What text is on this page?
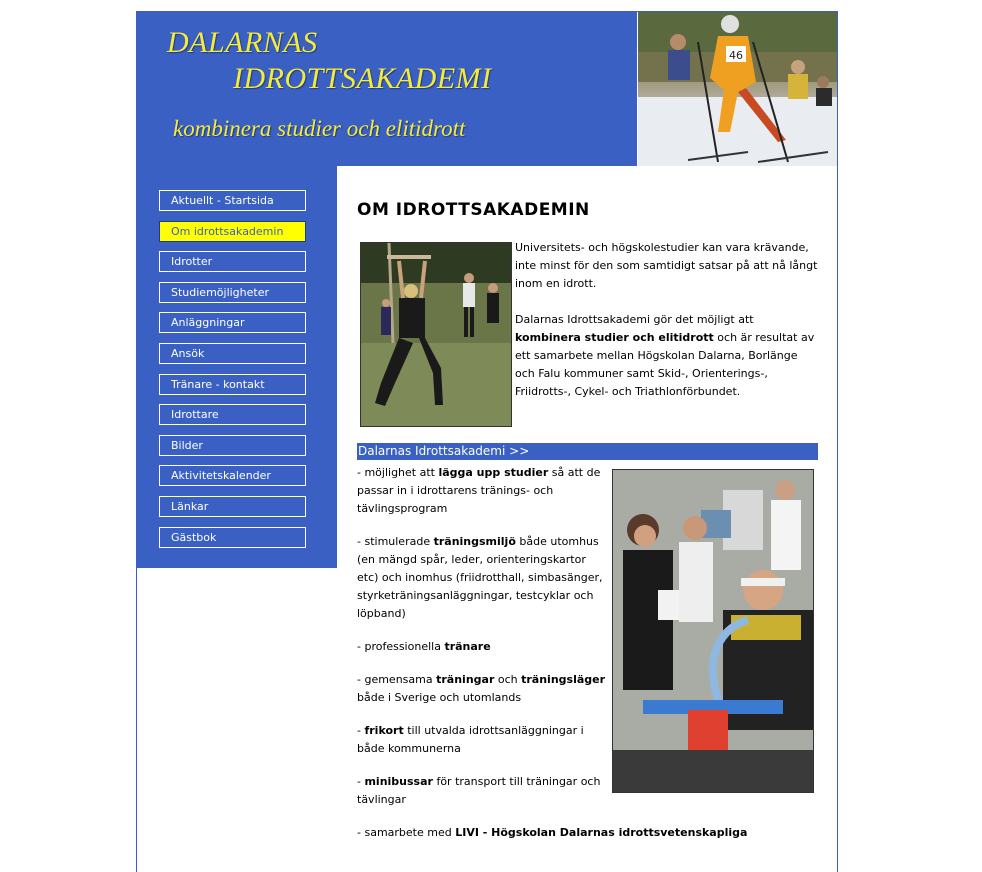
DALARNAS
IDROTTSAKADEMI
kombinera studier och elitidrott
46
Aktuellt - Startsida
Om idrottsakademin
Idrotter
Studiemöjligheter
Anläggningar
Ansök
Tränare - kontakt
Idrottare
Bilder
Aktivitetskalender
Länkar
Gästbok
OM IDROTTSAKADEMIN

Universitets- och högskolestudier kan vara krävande, inte minst för den som samtidigt satsar på att nå långt inom en idrott.

Dalarnas Idrottsakademi gör det möjligt att kombinera studier och elitidrott och är resultat av ett samarbete mellan Högskolan Dalarna, Borlänge och Falu kommuner samt Skid-, Orienterings-, Friidrotts-, Cykel- och Triathlonförbundet.

Dalarnas Idrottsakademi >>

- möjlighet att lägga upp studier så att de passar in i idrottarens tränings- och tävlingsprogram

- stimulerade träningsmiljö både utomhus (en mängd spår, leder, orienteringskartor etc) och inomhus (friidrotthall, simbasänger, styrketräningsanläggningar, testcyklar och löpband)

- professionella tränare

- gemensama träningar och träningsläger både i Sverige och utomlands

- frikort till utvalda idrottsanläggningar i både kommunerna

- minibussar för transport till träningar och tävlingar

- samarbete med LIVI - Högskolan Dalarnas idrottsvetenskapliga
